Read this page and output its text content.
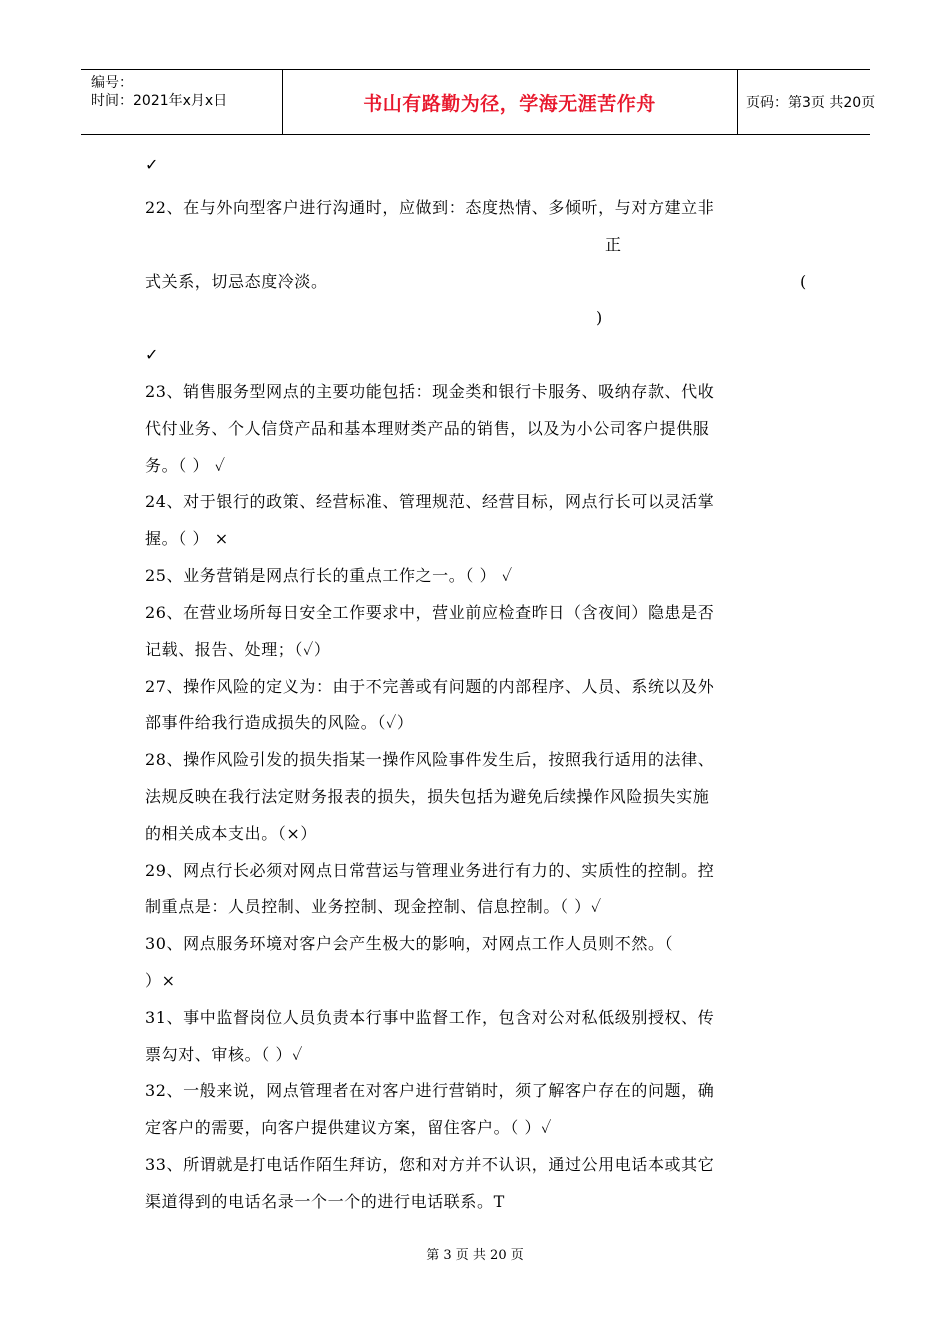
编号：
时间：2021年x月x日	书山有路勤为径，学海无涯苦作舟	页码：第3页 共20页
✓
22、在与外向型客户进行沟通时，应做到：态度热情、多倾听，与对方建立非
正
式关系，切忌态度冷淡。	(
)
✓
23、销售服务型网点的主要功能包括：现金类和银行卡服务、吸纳存款、代收
代付业务、个人信贷产品和基本理财类产品的销售，以及为小公司客户提供服
务。（ ） ✓
24、对于银行的政策、经营标准、管理规范、经营目标，网点行长可以灵活掌
握。（ ） ×
25、业务营销是网点行长的重点工作之一。（ ） ✓
26、在营业场所每日安全工作要求中，营业前应检查昨日（含夜间）隐患是否
记载、报告、处理；（✓）
27、操作风险的定义为：由于不完善或有问题的内部程序、人员、系统以及外
部事件给我行造成损失的风险。（✓）
28、操作风险引发的损失指某一操作风险事件发生后，按照我行适用的法律、
法规反映在我行法定财务报表的损失，损失包括为避免后续操作风险损失实施
的相关成本支出。（×）
29、网点行长必须对网点日常营运与管理业务进行有力的、实质性的控制。控
制重点是：人员控制、业务控制、现金控制、信息控制。（ ）✓
30、网点服务环境对客户会产生极大的影响，对网点工作人员则不然。（
）×
31、事中监督岗位人员负责本行事中监督工作，包含对公对私低级别授权、传
票勾对、审核。（ ）✓
32、一般来说，网点管理者在对客户进行营销时，须了解客户存在的问题，确
定客户的需要，向客户提供建议方案，留住客户。（ ）✓
33、所谓就是打电话作陌生拜访，您和对方并不认识，通过公用电话本或其它
渠道得到的电话名录一个一个的进行电话联系。T
第 3 页 共 20 页
